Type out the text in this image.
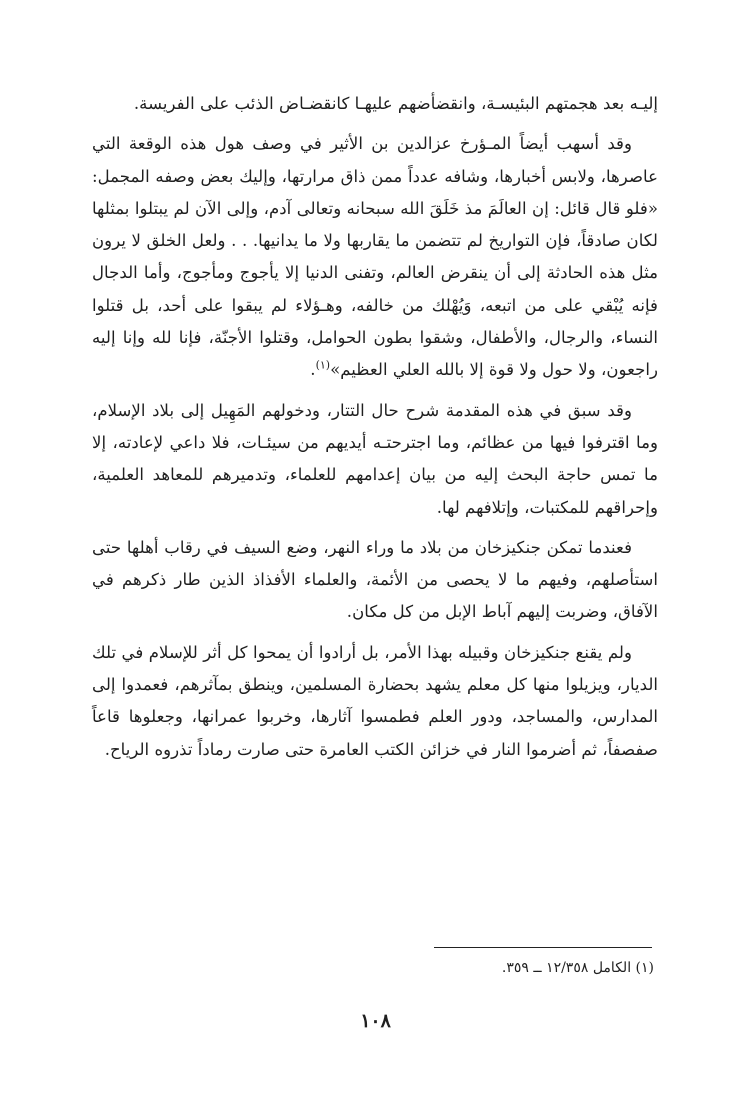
إليـه بعد هجمتهم البئيسـة، وانقضأضهم عليهـا كانقضـاض الذئب على الفريسة.

وقد أسهب أيضاً المـؤرخ عزالدين بن الأثير في وصف هول هذه الوقعة التي عاصرها، ولابس أخبارها، وشافه عدداً ممن ذاق مرارتها، وإليك بعض وصفه المجمل: «فلو قال قائل: إن العالَمَ مذ خَلَقَ الله سبحانه وتعالى آدم، وإلى الآن لم يبتلوا بمثلها لكان صادقاً، فإن التواريخ لم تتضمن ما يقاربها ولا ما يدانيها. . . ولعل الخلق لا يرون مثل هذه الحادثة إلى أن ينقرض العالم، وتفنى الدنيا إلا يأجوج ومأجوج، وأما الدجال فإنه يُبْقي على من اتبعه، وَيُهْلك من خالفه، وهـؤلاء لم يبقوا على أحد، بل قتلوا النساء، والرجال، والأطفال، وشقوا بطون الحوامل، وقتلوا الأجنّة، فإنا لله وإنا إليه راجعون، ولا حول ولا قوة إلا بالله العلي العظيم»$^{(١)}$.

وقد سبق في هذه المقدمة شرح حال التتار، ودخولهم المَهِيل إلى بلاد الإسلام، وما اقترفوا فيها من عظائم، وما اجترحتـه أيديهم من سيئـات، فلا داعي لإعادته، إلا ما تمس حاجة البحث إليه من بيان إعدامهم للعلماء، وتدميرهم للمعاهد العلمية، وإحراقهم للمكتبات، وإتلافهم لها.

فعندما تمكن جنكيزخان من بلاد ما وراء النهر، وضع السيف في رقاب أهلها حتى استأصلهم، وفيهم ما لا يحصى من الأئمة، والعلماء الأفذاذ الذين طار ذكرهم في الآفاق، وضربت إليهم آباط الإبل من كل مكان.

ولم يقنع جنكيزخان وقبيله بهذا الأمر، بل أرادوا أن يمحوا كل أثر للإسلام في تلك الديار، ويزيلوا منها كل معلم يشهد بحضارة المسلمين، وينطق بمآثرهم، فعمدوا إلى المدارس، والمساجد، ودور العلم فطمسوا آثارها، وخربوا عمرانها، وجعلوها قاعاً صفصفاً، ثم أضرموا النار في خزائن الكتب العامرة حتى صارت رماداً تذروه الرياح.

(١) الكامل ١٢/٣٥٨ ــ ٣٥٩.
١٠٨
